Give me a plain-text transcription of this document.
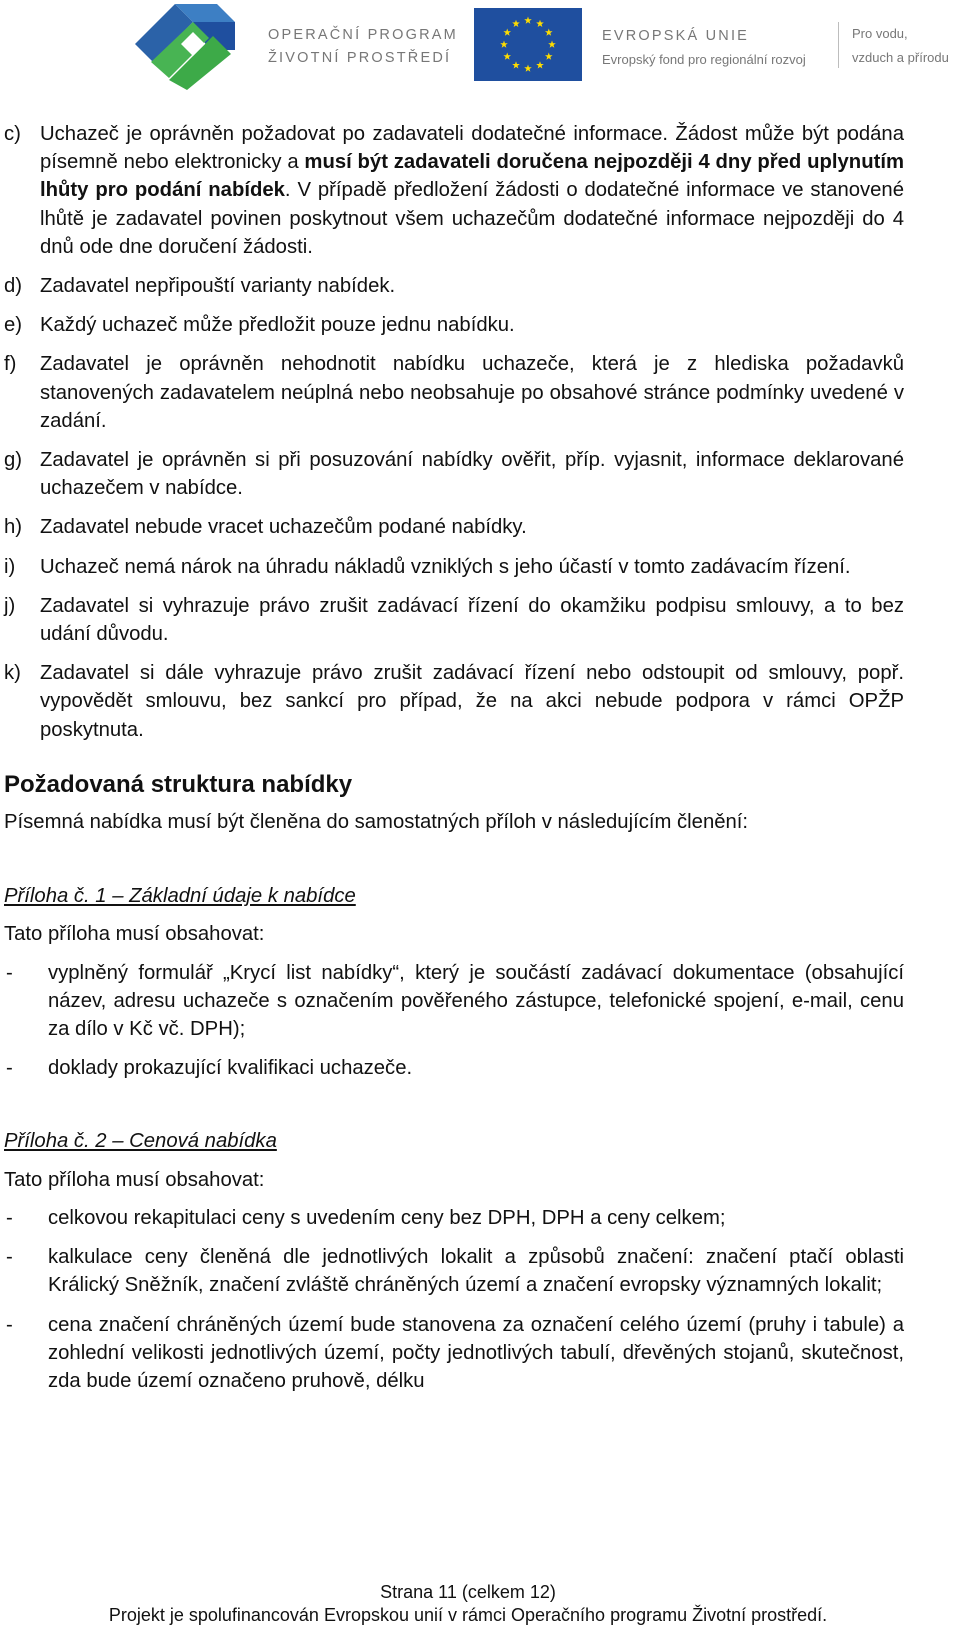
OPERAČNÍ PROGRAM
ŽIVOTNÍ PROSTŘEDÍ
EVROPSKÁ UNIE
Evropský fond pro regionální rozvoj
Pro vodu,
vzduch a přírodu
c) Uchazeč je oprávněn požadovat po zadavateli dodatečné informace. Žádost může být podána písemně nebo elektronicky a musí být zadavateli doručena nejpozději 4 dny před uplynutím lhůty pro podání nabídek. V případě předložení žádosti o dodatečné informace ve stanovené lhůtě je zadavatel povinen poskytnout všem uchazečům dodatečné informace nejpozději do 4 dnů ode dne doručení žádosti.
d) Zadavatel nepřipouští varianty nabídek.
e) Každý uchazeč může předložit pouze jednu nabídku.
f)	Zadavatel je oprávněn nehodnotit nabídku uchazeče, která je z hlediska požadavků stanovených zadavatelem neúplná nebo neobsahuje po obsahové stránce podmínky uvedené v zadání.
g) Zadavatel je oprávněn si při posuzování nabídky ověřit, příp. vyjasnit, informace deklarované uchazečem v nabídce.
h) Zadavatel nebude vracet uchazečům podané nabídky.
i)	Uchazeč nemá nárok na úhradu nákladů vzniklých s jeho účastí v tomto zadávacím řízení.
j)	Zadavatel si vyhrazuje právo zrušit zadávací řízení do okamžiku podpisu smlouvy, a to bez udání důvodu.
k) Zadavatel si dále vyhrazuje právo zrušit zadávací řízení nebo odstoupit od smlouvy, popř. vypovědět smlouvu, bez sankcí pro případ, že na akci nebude podpora v rámci OPŽP poskytnuta.
Požadovaná struktura nabídky
Písemná nabídka musí být členěna do samostatných příloh v následujícím členění:
Příloha č. 1 – Základní údaje k nabídce
Tato příloha musí obsahovat:
-	vyplněný formulář „Krycí list nabídky“, který je součástí zadávací dokumentace (obsahující název, adresu uchazeče s označením pověřeného zástupce, telefonické spojení, e-mail, cenu za dílo v Kč vč. DPH);
-	doklady prokazující kvalifikaci uchazeče.
Příloha č. 2 – Cenová nabídka
Tato příloha musí obsahovat:
-	celkovou rekapitulaci ceny s uvedením ceny bez DPH, DPH a ceny celkem;
-	kalkulace ceny členěná dle jednotlivých lokalit a způsobů značení: značení ptačí oblasti Králický Sněžník, značení zvláště chráněných území a značení evropsky významných lokalit;
-	cena značení chráněných území bude stanovena za označení celého území (pruhy i tabule) a zohlední velikosti jednotlivých území, počty jednotlivých tabulí, dřevěných stojanů, skutečnost, zda bude území označeno pruhově, délku
Strana 11 (celkem 12)
Projekt je spolufinancován Evropskou unií v rámci Operačního programu Životní prostředí.
